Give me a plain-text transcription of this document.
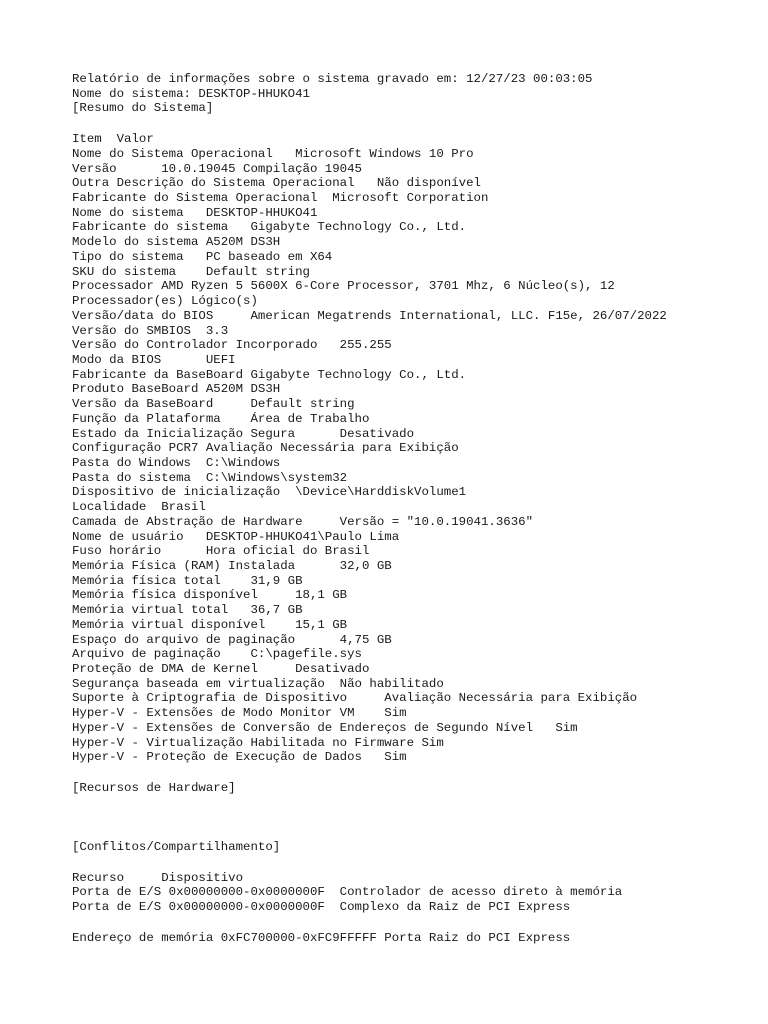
Relatório de informações sobre o sistema gravado em: 12/27/23 00:03:05
Nome do sistema: DESKTOP-HHUKO41
[Resumo do Sistema]
Item  Valor
Nome do Sistema Operacional   Microsoft Windows 10 Pro
Versão      10.0.19045 Compilação 19045
Outra Descrição do Sistema Operacional   Não disponível
Fabricante do Sistema Operacional  Microsoft Corporation
Nome do sistema   DESKTOP-HHUKO41
Fabricante do sistema   Gigabyte Technology Co., Ltd.
Modelo do sistema A520M DS3H
Tipo do sistema   PC baseado em X64
SKU do sistema    Default string
Processador AMD Ryzen 5 5600X 6-Core Processor, 3701 Mhz, 6 Núcleo(s), 12 Processador(es) Lógico(s)
Versão/data do BIOS     American Megatrends International, LLC. F15e, 26/07/2022
Versão do SMBIOS  3.3
Versão do Controlador Incorporado   255.255
Modo da BIOS      UEFI
Fabricante da BaseBoard Gigabyte Technology Co., Ltd.
Produto BaseBoard A520M DS3H
Versão da BaseBoard     Default string
Função da Plataforma    Área de Trabalho
Estado da Inicialização Segura      Desativado
Configuração PCR7 Avaliação Necessária para Exibição
Pasta do Windows  C:\Windows
Pasta do sistema  C:\Windows\system32
Dispositivo de inicialização  \Device\HarddiskVolume1
Localidade  Brasil
Camada de Abstração de Hardware     Versão = "10.0.19041.3636"
Nome de usuário   DESKTOP-HHUKO41\Paulo Lima
Fuso horário      Hora oficial do Brasil
Memória Física (RAM) Instalada      32,0 GB
Memória física total    31,9 GB
Memória física disponível     18,1 GB
Memória virtual total   36,7 GB
Memória virtual disponível    15,1 GB
Espaço do arquivo de paginação      4,75 GB
Arquivo de paginação    C:\pagefile.sys
Proteção de DMA de Kernel     Desativado
Segurança baseada em virtualização  Não habilitado
Suporte à Criptografia de Dispositivo     Avaliação Necessária para Exibição
Hyper-V - Extensões de Modo Monitor VM    Sim
Hyper-V - Extensões de Conversão de Endereços de Segundo Nível   Sim
Hyper-V - Virtualização Habilitada no Firmware Sim
Hyper-V - Proteção de Execução de Dados   Sim
[Recursos de Hardware]
[Conflitos/Compartilhamento]
Recurso     Dispositivo
Porta de E/S 0x00000000-0x0000000F  Controlador de acesso direto à memória
Porta de E/S 0x00000000-0x0000000F  Complexo da Raiz de PCI Express
Endereço de memória 0xFC700000-0xFC9FFFFF Porta Raiz do PCI Express
